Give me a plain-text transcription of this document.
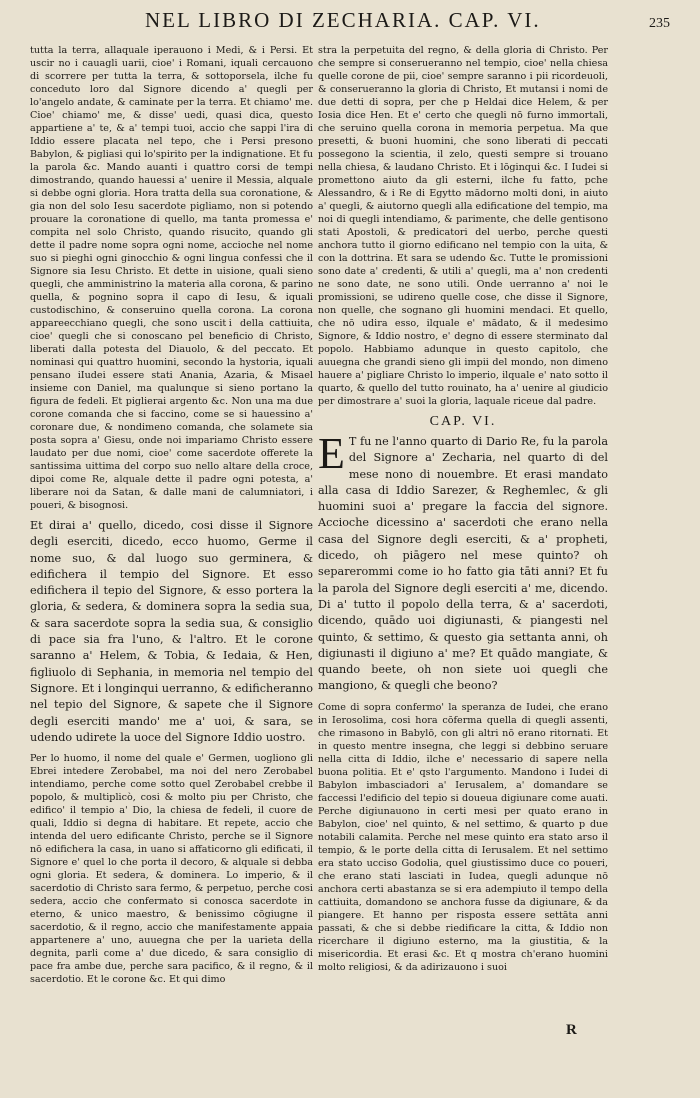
NEL LIBRO DI ZECHARIA. CAP. VI.	235

tutta la terra, allaquale iperauono i Medi, & i Persi. Et uscir no i cauagli uarii, cioe' i Romani, iquali cercauono di scorrere per tutta la terra, & sottoporsela, ilche fu conceduto loro dal Signore dicendo a' quegli per lo'angelo andate, & caminate per la terra. Et chiamo' me. Cioe' chiamo' me, & disse' uedi, quasi dica, questo appartiene a' te, & a' tempi tuoi, accio che sappi l'ira di Iddio essere placata nel tepo, che i Persi presono Babylon, & pigliasi qui lo'spirito per la indignatione. Et fu la parola &c. Mando auanti i quattro corsi de tempi dimostrando, quando hauessi a' uenire il Messia, alquale si debbe ogni gloria. Hora tratta della sua coronatione, & gia non del solo Iesu sacerdote pigliamo, non si potendo prouare la coronatione di quello, ma tanta promessa e' compita nel solo Christo, quando risucito, quando gli dette il padre nome sopra ogni nome, accioche nel nome suo si pieghi ogni ginocchio & ogni lingua confessi che il Signore sia Iesu Christo. Et dette in uisione, quali sieno quegli, che amministrino la materia alla corona, & parino quella, & pognino sopra il capo di Iesu, & iquali custodischino, & conseruino quella corona. La corona appareecchiano quegli, che sono uscitⅰ della cattiuita, cioe' quegli che si conoscano pel beneficio di Christo, liberati dalla potesta del Diauolo, & del peccato. Et nominasi qui quattro huomini, secondo la hystoria, iquali pensano iIudei essere stati Anania, Azaria, & Misael insieme con Daniel, ma qualunque si sieno portano la figura de fedeli. Et piglierai argento &c. Non una ma due corone comanda che si faccino, come se si hauessino a' coronare due, & nondimeno comanda, che solamete sia posta sopra a' Giesu, onde noi impariamo Christo essere laudato per due nomi, cioe' come sacerdote offerete la santissima uittima del corpo suo nello altare della croce, dipoi come Re, alquale dette il padre ogni potesta, a' liberare noi da Satan, & dalle mani de calumniatori, i poueri, & bisognosi.

Et dirai a' quello, dicedo, cosi disse il Signore degli eserciti, dicedo, ecco huomo, Germe il nome suo, & dal luogo suo germinera, & edifichera il tempio del Signore. Et esso edifichera il tepio del Signore, & esso portera la gloria, & sedera, & dominera sopra la sedia sua, & sara sacerdote sopra la sedia sua, & consiglio di pace sia fra l'uno, & l'altro. Et le corone saranno a' Helem, & Tobia, & Iedaia, & Hen, figliuolo di Sephania, in memoria nel tempio del Signore. Et i longinqui uerranno, & edificheranno nel tepio del Signore, & sapete che il Signore degli eserciti mando' me a' uoi, & sara, se udendo udirete la uoce del Signore Iddio uostro.

Per lo huomo, il nome del quale e' Germen, uogliono gli Ebrei intedere Zerobabel, ma noi del nero Zerobabel intendiamo, perche come sotto quel Zerobabel crebbe il popolo, & multiplicò, cosi & molto piu per Christo, che edifico' il tempio a' Dio, la chiesa de fedeli, il cuore de quali, Iddio si degna di habitare. Et repete, accio che intenda del uero edificante Christo, perche se il Signore nō edifichera la casa, in uano si affaticorno gli edificati, il Signore e' quel lo che porta il decoro, & alquale si debba ogni gloria. Et sedera, & dominera. Lo imperio, & il sacerdotio di Christo sara fermo, & perpetuo, perche cosi sedera, accio che confermato si conosca sacerdote in eterno, & unico maestro, & benissimo cōgiugne il sacerdotio, & il regno, accio che manifestamente appaia appartenere a' uno, auuegna che per la uarieta della degnita, parli come a' due dicedo, & sara consiglio di pace fra ambe due, perche sara pacifico, & il regno, & il sacerdotio. Et le corone &c. Et qui dimo

stra la perpetuita del regno, & della gloria di Christo. Per che sempre si conserueranno nel tempio, cioe' nella chiesa quelle corone de pii, cioe' sempre saranno i pii ricordeuoli, & conserueranno la gloria di Christo, Et mutansi i nomi de due detti di sopra, per che p Heldai dice Helem, & per Iosia dice Hen. Et e' certo che quegli nō furno immortali, che seruino quella corona in memoria perpetua. Ma que presetti, & buoni huomini, che sono liberati di peccati possegono la scientia, il zelo, questi sempre si trouano nella chiesa, & laudano Christo. Et i lōginqui &c. I Iudei si promettono aiuto da gli esterni, ilche fu fatto, pche Alessandro, & i Re di Egytto mādorno molti doni, in aiuto a' quegli, & aiutorno quegli alla edificatione del tempio, ma noi di quegli intendiamo, & parimente, che delle gentisono stati Apostoli, & predicatori del uerbo, perche questi anchora tutto il giorno edificano nel tempio con la uita, & con la dottrina. Et sara se udendo &c. Tutte le promissioni sono date a' credenti, & utili a' quegli, ma a' non credenti ne sono date, ne sono utili. Onde uerranno a' noi le promissioni, se udireno quelle cose, che disse il Signore, non quelle, che sognano gli huomini mendaci. Et quello, che nō udira esso, ilquale e' mādato, & il medesimo Signore, & Iddio nostro, e' degno di essere sterminato dal popolo. Habbiamo adunque in questo capitolo, che auuegna che grandi sieno gli impii del mondo, non dimeno hauere a' pigliare Christo lo imperio, ilquale e' nato sotto il quarto, & quello del tutto rouinato, ha a' uenire al giudicio per dimostrare a' suoi la gloria, laquale riceue dal padre.

CAP. VI.

E T fu ne l'anno quarto di Dario Re, fu la parola del Signore a' Zecharia, nel quarto di del mese nono di nouembre. Et erasi mandato alla casa di Iddio Sarezer, & Reghemlec, & gli huomini suoi a' pregare la faccia del signore. Accioche dicessino a' sacerdoti che erano nella casa del Signore degli eserciti, & a' propheti, dicedo, oh piāgero nel mese quinto? oh separerommi come io ho fatto gia tāti anni? Et fu la parola del Signore degli eserciti a' me, dicendo. Di a' tutto il popolo della terra, & a' sacerdoti, dicendo, quādo uoi digiunasti, & piangesti nel quinto, & settimo, & questo gia settanta anni, oh digiunasti il digiuno a' me? Et quādo mangiate, & quando beete, oh non siete uoi quegli che mangiono, & quegli che beono?

Come di sopra confermo' la speranza de Iudei, che erano in Ierosolima, cosi hora cōferma quella di quegli assenti, che rimasono in Babylō, con gli altri nō erano ritornati. Et in questo mentre insegna, che leggi si debbino seruare nella citta di Iddio, ilche e' necessario di sapere nella buona politia. Et e' qsto l'argumento. Mandono i Iudei di Babylon imbasciadori a' Ierusalem, a' domandare se faccessi l'edificio del tepio si doueua digiunare come auati. Perche digiunauono in certi mesi per quato erano in Babylon, cioe' nel quinto, & nel settimo, & quarto p due notabili calamita. Perche nel mese quinto era stato arso il tempio, & le porte della citta di Ierusalem. Et nel settimo era stato ucciso Godolia, quel giustissimo duce co poueri, che erano stati lasciati in Iudea, quegli adunque nō anchora certi abastanza se si era adempiuto il tempo della cattiuita, domandono se anchora fusse da digiunare, & da piangere. Et hanno per risposta essere settāta anni passati, & che si debbe riedificare la citta, & Iddio non ricerchare il digiuno esterno, ma la giustitia, & la misericordia. Et erasi &c. Et q mostra ch'erano huomini molto religiosi, & da adirizauono i suoi

R
